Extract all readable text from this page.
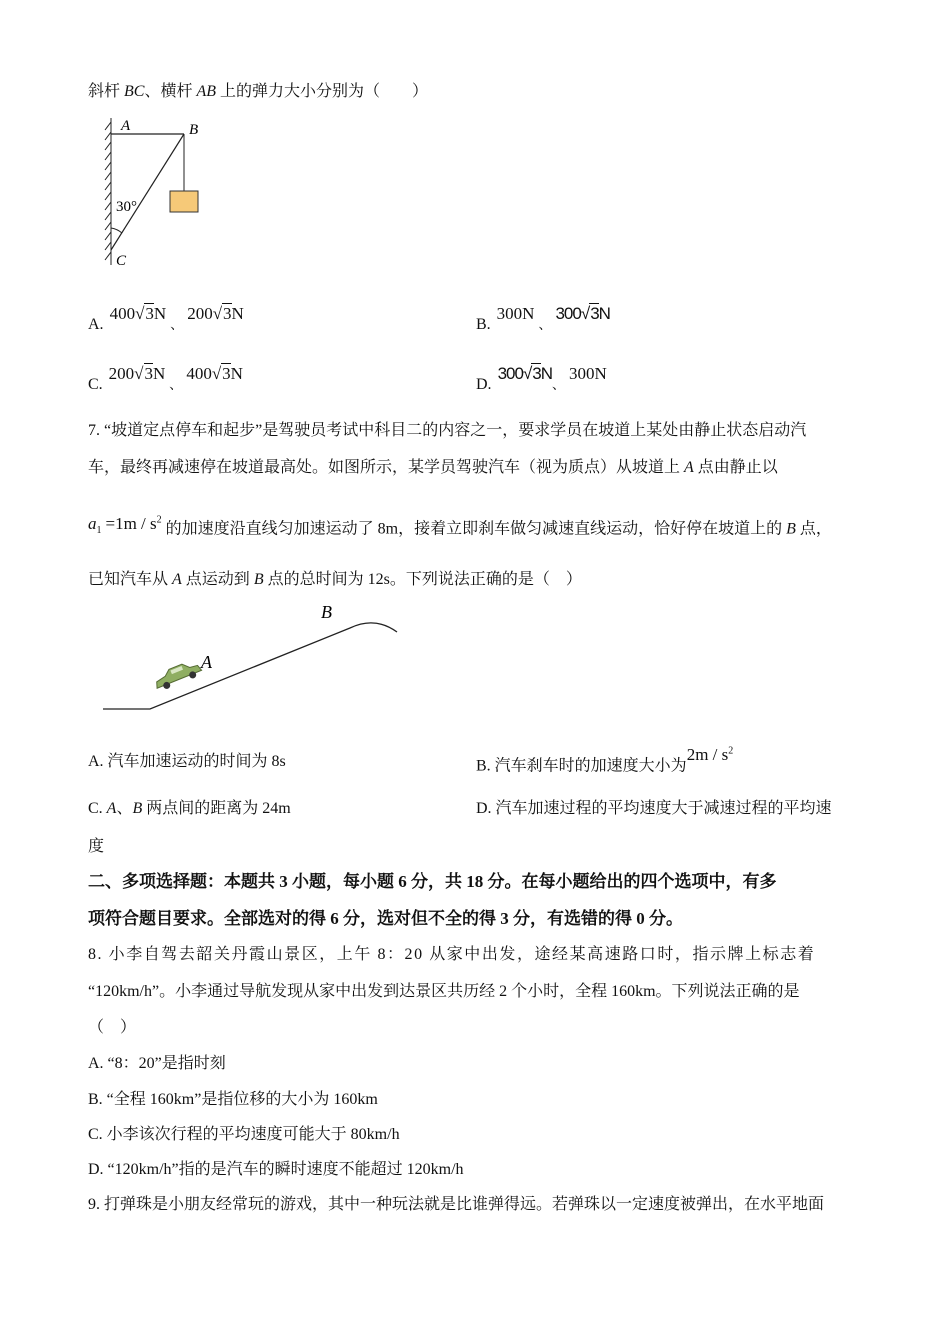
斜杆 BC、横杆 AB 上的弹力大小分别为（　　）
A	B
30°
C
A. 400√3N $_、$ 200√3N
B. 300N $_、$ 300√3N
C. 200√3N $_、$ 400√3N
D. $300√3N_、$ 300N
7. “坡道定点停车和起步”是驾驶员考试中科目二的内容之一，要求学员在坡道上某处由静止状态启动汽
车，最终再减速停在坡道最高处。如图所示，某学员驾驶汽车（视为质点）从坡道上 A 点由静止以
$a_1 =1m / s^2$ 的加速度沿直线匀加速运动了 8m，接着立即刹车做匀减速直线运动，恰好停在坡道上的 B 点，
已知汽车从 A 点运动到 B 点的总时间为 12s。下列说法正确的是（　）
A
B
A. 汽车加速运动的时间为 8s	B. 汽车刹车时的加速度大小为$2m / s^2$
C. A、B 两点间的距离为 24m	D. 汽车加速过程的平均速度大于减速过程的平均速
度
二、多项选择题：本题共 3 小题，每小题 6 分，共 18 分。在每小题给出的四个选项中，有多
项符合题目要求。全部选对的得 6 分，选对但不全的得 3 分，有选错的得 0 分。
8. 小李自驾去韶关丹霞山景区，上午 8：20 从家中出发，途经某高速路口时，指示牌上标志着
“120km/h”。小李通过导航发现从家中出发到达景区共历经 2 个小时，全程 160km。下列说法正确的是
（　）
A. “8：20”是指时刻
B. “全程 160km”是指位移的大小为 160km
C. 小李该次行程的平均速度可能大于 80km/h
D. “120km/h”指的是汽车的瞬时速度不能超过 120km/h
9. 打弹珠是小朋友经常玩的游戏，其中一种玩法就是比谁弹得远。若弹珠以一定速度被弹出，在水平地面
